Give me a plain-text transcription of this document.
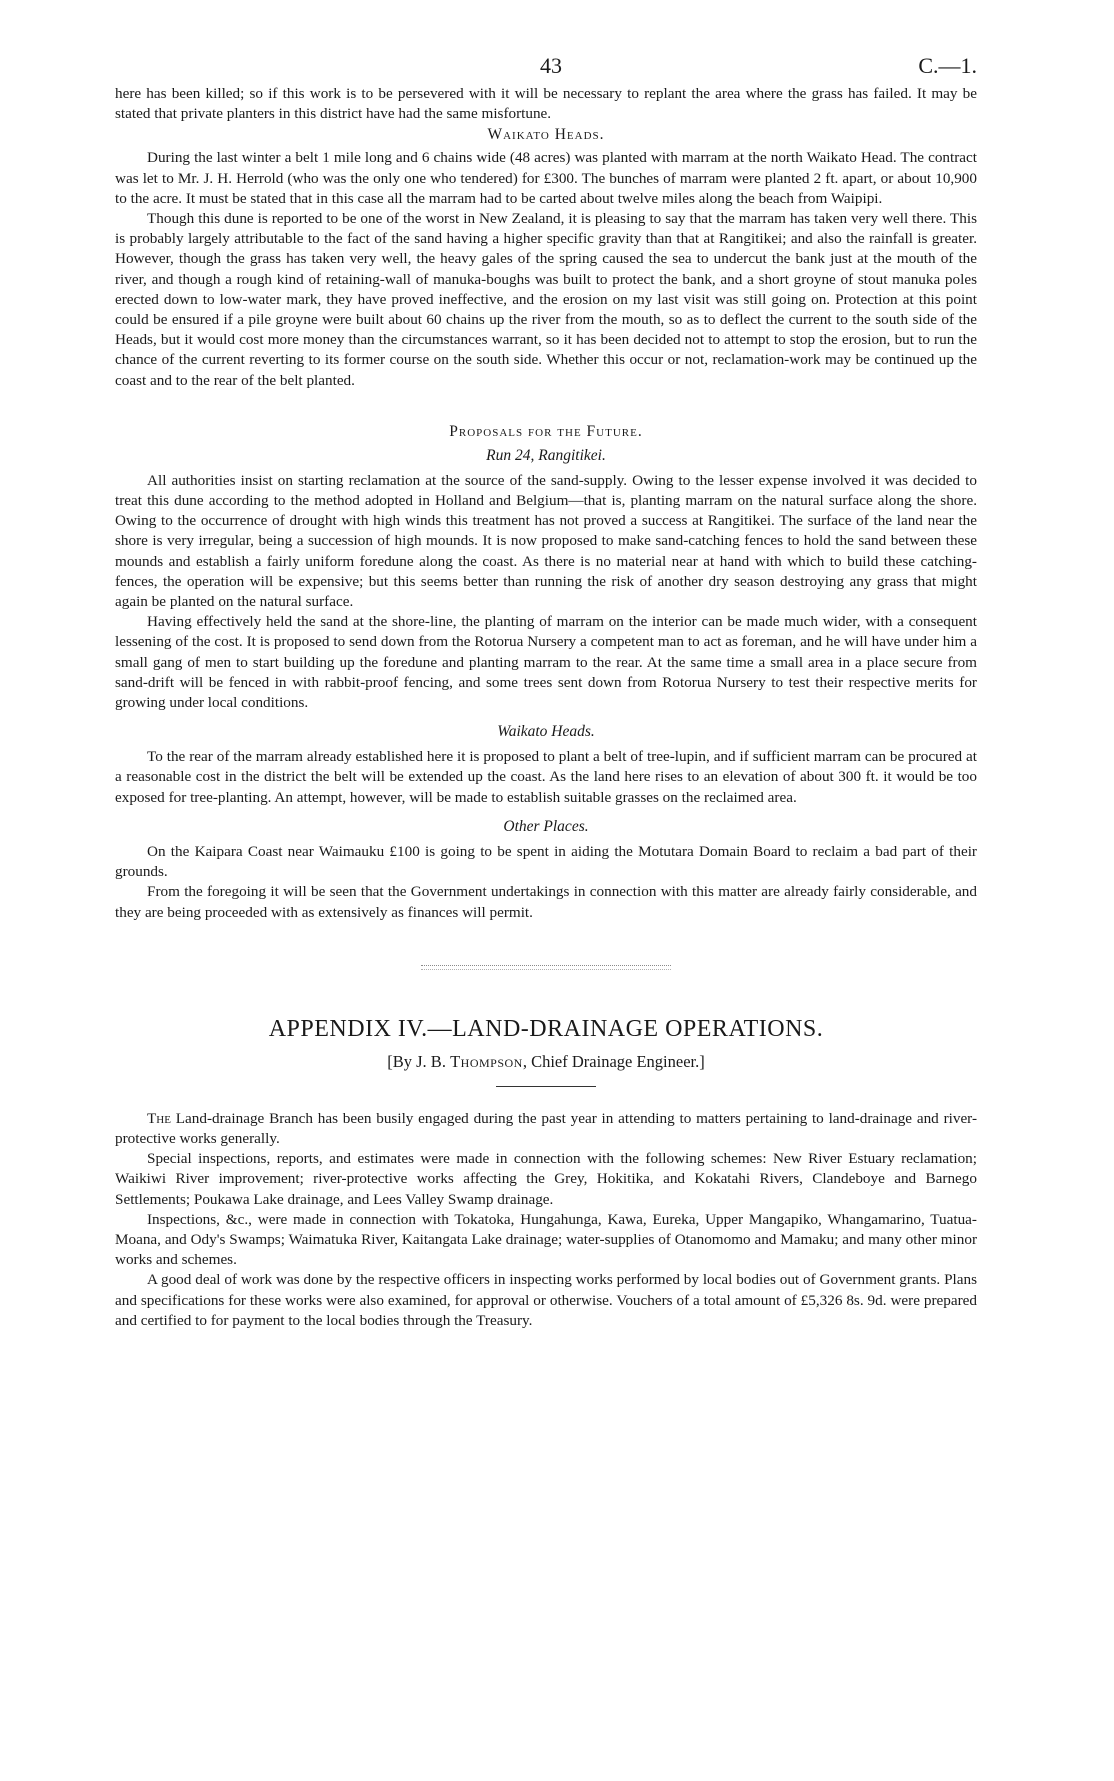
43	C.—1.

here has been killed; so if this work is to be persevered with it will be necessary to replant the area where the grass has failed. It may be stated that private planters in this district have had the same misfortune.

Waikato Heads.

During the last winter a belt 1 mile long and 6 chains wide (48 acres) was planted with marram at the north Waikato Head. The contract was let to Mr. J. H. Herrold (who was the only one who tendered) for £300. The bunches of marram were planted 2 ft. apart, or about 10,900 to the acre. It must be stated that in this case all the marram had to be carted about twelve miles along the beach from Waipipi.

Though this dune is reported to be one of the worst in New Zealand, it is pleasing to say that the marram has taken very well there. This is probably largely attributable to the fact of the sand having a higher specific gravity than that at Rangitikei; and also the rainfall is greater. However, though the grass has taken very well, the heavy gales of the spring caused the sea to undercut the bank just at the mouth of the river, and though a rough kind of retaining-wall of manuka-boughs was built to protect the bank, and a short groyne of stout manuka poles erected down to low-water mark, they have proved ineffective, and the erosion on my last visit was still going on. Protection at this point could be ensured if a pile groyne were built about 60 chains up the river from the mouth, so as to deflect the current to the south side of the Heads, but it would cost more money than the circumstances warrant, so it has been decided not to attempt to stop the erosion, but to run the chance of the current reverting to its former course on the south side. Whether this occur or not, reclamation-work may be continued up the coast and to the rear of the belt planted.

Proposals for the Future.
Run 24, Rangitikei.

All authorities insist on starting reclamation at the source of the sand-supply. Owing to the lesser expense involved it was decided to treat this dune according to the method adopted in Holland and Belgium—that is, planting marram on the natural surface along the shore. Owing to the occurrence of drought with high winds this treatment has not proved a success at Rangitikei. The surface of the land near the shore is very irregular, being a succession of high mounds. It is now proposed to make sand-catching fences to hold the sand between these mounds and establish a fairly uniform foredune along the coast. As there is no material near at hand with which to build these catching-fences, the operation will be expensive; but this seems better than running the risk of another dry season destroying any grass that might again be planted on the natural surface.

Having effectively held the sand at the shore-line, the planting of marram on the interior can be made much wider, with a consequent lessening of the cost. It is proposed to send down from the Rotorua Nursery a competent man to act as foreman, and he will have under him a small gang of men to start building up the foredune and planting marram to the rear. At the same time a small area in a place secure from sand-drift will be fenced in with rabbit-proof fencing, and some trees sent down from Rotorua Nursery to test their respective merits for growing under local conditions.

Waikato Heads.

To the rear of the marram already established here it is proposed to plant a belt of tree-lupin, and if sufficient marram can be procured at a reasonable cost in the district the belt will be extended up the coast. As the land here rises to an elevation of about 300 ft. it would be too exposed for tree-planting. An attempt, however, will be made to establish suitable grasses on the reclaimed area.

Other Places.

On the Kaipara Coast near Waimauku £100 is going to be spent in aiding the Motutara Domain Board to reclaim a bad part of their grounds.

From the foregoing it will be seen that the Government undertakings in connection with this matter are already fairly considerable, and they are being proceeded with as extensively as finances will permit.

APPENDIX IV.—LAND-DRAINAGE OPERATIONS.
[By J. B. Thompson, Chief Drainage Engineer.]

The Land-drainage Branch has been busily engaged during the past year in attending to matters pertaining to land-drainage and river-protective works generally.

Special inspections, reports, and estimates were made in connection with the following schemes: New River Estuary reclamation; Waikiwi River improvement; river-protective works affecting the Grey, Hokitika, and Kokatahi Rivers, Clandeboye and Barnego Settlements; Poukawa Lake drainage, and Lees Valley Swamp drainage.

Inspections, &c., were made in connection with Tokatoka, Hungahunga, Kawa, Eureka, Upper Mangapiko, Whangamarino, Tuatua-Moana, and Ody's Swamps; Waimatuka River, Kaitangata Lake drainage; water-supplies of Otanomomo and Mamaku; and many other minor works and schemes.

A good deal of work was done by the respective officers in inspecting works performed by local bodies out of Government grants. Plans and specifications for these works were also examined, for approval or otherwise. Vouchers of a total amount of £5,326 8s. 9d. were prepared and certified to for payment to the local bodies through the Treasury.
